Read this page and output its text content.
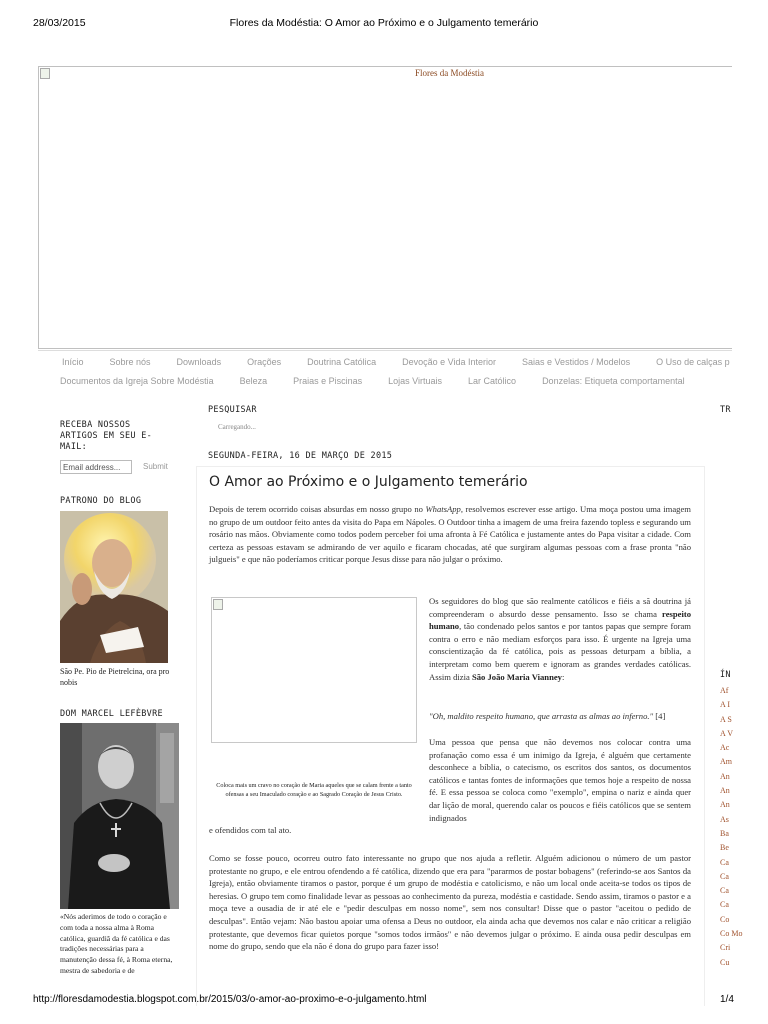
28/03/2015	Flores da Modéstia: O Amor ao Próximo e o Julgamento temerário
http://floresdamodestia.blogspot.com.br/2015/03/o-amor-ao-proximo-e-o-julgamento.html	1/4
Flores da Modéstia
Início	Sobre nós	Downloads	Orações	Doutrina Católica	Devoção e Vida Interior	Saias e Vestidos / Modelos	O Uso de calças p
Documentos da Igreja Sobre Modéstia	Beleza	Praias e Piscinas	Lojas Virtuais	Lar Católico	Donzelas: Etiqueta comportamental
RECEBA NOSSOS ARTIGOS EM SEU E-MAIL:
Email address...	Submit
PATRONO DO BLOG
São Pe. Pio de Pietrelcina, ora pro nobis
DOM MARCEL LEFÈBVRE
«Nós aderimos de todo o coração e com toda a nossa alma à Roma católica, guardiã da fé católica e das tradições necessárias para a manutenção dessa fé, à Roma eterna, mestra de sabedoria e de
PESQUISAR
Carregando...
SEGUNDA-FEIRA, 16 DE MARÇO DE 2015
TR
ÍN
Af
A I
A S
A V
Ac
Am
An
An
An
As
Ba
Be
Ca
Ca
Ca
Ca
Co
Co Mo
Cri
Cu
O Amor ao Próximo e o Julgamento temerário
Depois de terem ocorrido coisas absurdas em nosso grupo no WhatsApp, resolvemos escrever esse artigo. Uma moça postou uma imagem no grupo de um outdoor feito antes da visita do Papa em Nápoles. O Outdoor tinha a imagem de uma freira fazendo topless e segurando um rosário nas mãos. Obviamente como todos podem perceber foi uma afronta à Fé Católica e justamente antes do Papa visitar a cidade. Com certeza as pessoas estavam se admirando de ver aquilo e ficaram chocadas, até que surgiram algumas pessoas com a frase pronta "não julgueis" e que não poderíamos criticar porque Jesus disse para não julgar o próximo.
Coloca mais um cravo no coração de Maria aqueles que se calam frente a tanto ofensas a seu Imaculado coração e ao Sagrado Coração de Jesus Cristo.
Os seguidores do blog que são realmente católicos e fiéis a sã doutrina já compreenderam o absurdo desse pensamento. Isso se chama respeito humano, tão condenado pelos santos e por tantos papas que sempre foram contra o erro e não mediam esforços para isso. É urgente na Igreja uma conscientização da fé católica, pois as pessoas deturpam a bíblia, a interpretam como bem querem e ignoram as grandes verdades católicas. Assim dizia São João Maria Vianney:
"Oh, maldito respeito humano, que arrasta as almas ao inferno." [4]
Uma pessoa que pensa que não devemos nos colocar contra uma profanação como essa é um inimigo da Igreja, é alguém que certamente desconhece a bíblia, o catecismo, os escritos dos santos, os documentos católicos e tantas fontes de informações que temos hoje a respeito de nossa fé. E essa pessoa se coloca como "exemplo", empina o nariz e ainda quer dar lição de moral, querendo calar os poucos e fiéis católicos que se sentem indignados
e ofendidos com tal ato.
Como se fosse pouco, ocorreu outro fato interessante no grupo que nos ajuda a refletir. Alguém adicionou o número de um pastor protestante no grupo, e ele entrou ofendendo a fé católica, dizendo que era para "pararmos de postar bobagens" (referindo-se aos Santos da Igreja), então obviamente tiramos o pastor, porque é um grupo de modéstia e catolicismo, e não um local onde aceita-se todos os tipos de heresias. O grupo tem como finalidade levar as pessoas ao conhecimento da pureza, modéstia e castidade. Sendo assim, tiramos o pastor e a moça teve a ousadia de ir até ele e "pedir desculpas em nosso nome", sem nos consultar! Disse que o pastor "aceitou o pedido de desculpas". Então vejam: Não bastou apoiar uma ofensa a Deus no outdoor, ela ainda acha que devemos nos calar e não criticar a religião protestante, que devemos ficar quietos porque "somos todos irmãos" e não devemos julgar o próximo. E ainda ousa pedir desculpas em nome do grupo, sendo que ela não é dona do grupo para fazer isso!
